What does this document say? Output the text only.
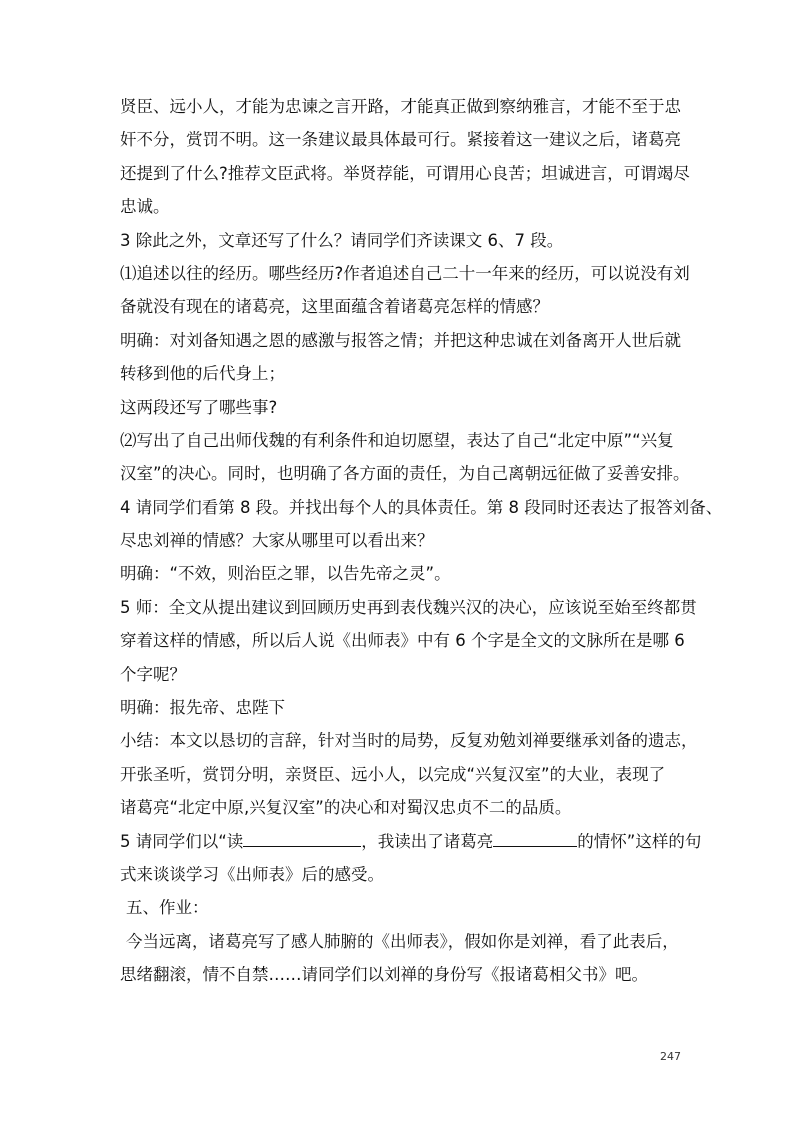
贤臣、远小人，才能为忠谏之言开路，才能真正做到察纳雅言，才能不至于忠
奸不分，赏罚不明。这一条建议最具体最可行。紧接着这一建议之后，诸葛亮
还提到了什么?推荐文臣武将。举贤荐能，可谓用心良苦；坦诚进言，可谓竭尽
忠诚。
3 除此之外，文章还写了什么？请同学们齐读课文 6、7 段。
⑴追述以往的经历。哪些经历?作者追述自己二十一年来的经历，可以说没有刘
备就没有现在的诸葛亮，这里面蕴含着诸葛亮怎样的情感？
明确：对刘备知遇之恩的感激与报答之情；并把这种忠诚在刘备离开人世后就
转移到他的后代身上；
这两段还写了哪些事?
⑵写出了自己出师伐魏的有利条件和迫切愿望，表达了自己“北定中原”“兴复
汉室”的决心。同时，也明确了各方面的责任，为自己离朝远征做了妥善安排。
4 请同学们看第 8 段。并找出每个人的具体责任。第 8 段同时还表达了报答刘备、
尽忠刘禅的情感？大家从哪里可以看出来？
明确：“不效，则治臣之罪，以告先帝之灵”。
5 师：全文从提出建议到回顾历史再到表伐魏兴汉的决心，应该说至始至终都贯
穿着这样的情感，所以后人说《出师表》中有 6 个字是全文的文脉所在是哪 6
个字呢？
明确：报先帝、忠陛下
小结：本文以恳切的言辞，针对当时的局势，反复劝勉刘禅要继承刘备的遗志，
开张圣听，赏罚分明，亲贤臣、远小人，以完成“兴复汉室”的大业，表现了
诸葛亮“北定中原,兴复汉室”的决心和对蜀汉忠贞不二的品质。
5 请同学们以“读	，我读出了诸葛亮	的情怀”这样的句
式来谈谈学习《出师表》后的感受。
五、作业：
今当远离，诸葛亮写了感人肺腑的《出师表》，假如你是刘禅，看了此表后，
思绪翻滚，情不自禁……请同学们以刘禅的身份写《报诸葛相父书》吧。
247
